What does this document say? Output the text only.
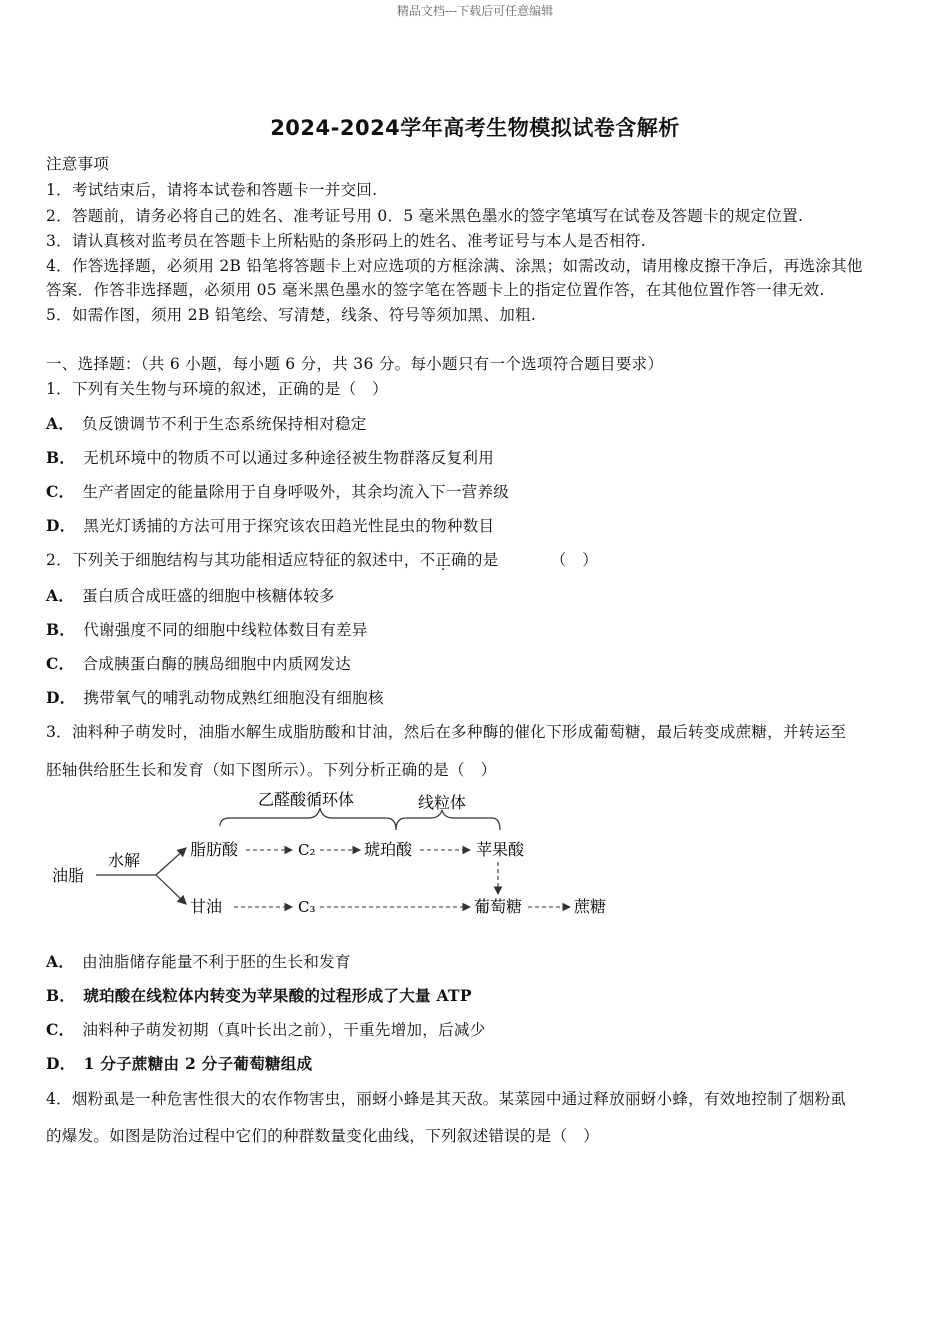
精品文档---下载后可任意编辑
2024-2024学年高考生物模拟试卷含解析
注意事项
1．考试结束后，请将本试卷和答题卡一并交回.
2．答题前，请务必将自己的姓名、准考证号用 0．5 毫米黑色墨水的签字笔填写在试卷及答题卡的规定位置.
3．请认真核对监考员在答题卡上所粘贴的条形码上的姓名、准考证号与本人是否相符.
4．作答选择题，必须用 2B 铅笔将答题卡上对应选项的方框涂满、涂黑；如需改动，请用橡皮擦干净后，再选涂其他
答案．作答非选择题，必须用 05 毫米黑色墨水的签字笔在答题卡上的指定位置作答，在其他位置作答一律无效.
5．如需作图，须用 2B 铅笔绘、写清楚，线条、符号等须加黑、加粗.
一、选择题：（共 6 小题，每小题 6 分，共 36 分。每小题只有一个选项符合题目要求）
1．下列有关生物与环境的叙述，正确的是（　）
A． 负反馈调节不利于生态系统保持相对稳定
B． 无机环境中的物质不可以通过多种途径被生物群落反复利用
C． 生产者固定的能量除用于自身呼吸外，其余均流入下一营养级
D． 黑光灯诱捕的方法可用于探究该农田趋光性昆虫的物种数目
2．下列关于细胞结构与其功能相适应特征的叙述中，不正确的是	（　）
A． 蛋白质合成旺盛的细胞中核糖体较多
B． 代谢强度不同的细胞中线粒体数目有差异
C． 合成胰蛋白酶的胰岛细胞中内质网发达
D． 携带氧气的哺乳动物成熟红细胞没有细胞核
3．油料种子萌发时，油脂水解生成脂肪酸和甘油，然后在多种酶的催化下形成葡萄糖，最后转变成蔗糖，并转运至
胚轴供给胚生长和发育（如下图所示）。下列分析正确的是（　）
乙醛酸循环体	线粒体
油脂
水解
脂肪酸	C₂	琥珀酸	苹果酸
甘油	C₃	葡萄糖	蔗糖
A． 由油脂储存能量不利于胚的生长和发育
B． 琥珀酸在线粒体内转变为苹果酸的过程形成了大量 ATP
C． 油料种子萌发初期（真叶长出之前），干重先增加，后减少
D． 1 分子蔗糖由 2 分子葡萄糖组成
4．烟粉虱是一种危害性很大的农作物害虫，丽蚜小蜂是其天敌。某菜园中通过释放丽蚜小蜂，有效地控制了烟粉虱
的爆发。如图是防治过程中它们的种群数量变化曲线，下列叙述错误的是（　）
